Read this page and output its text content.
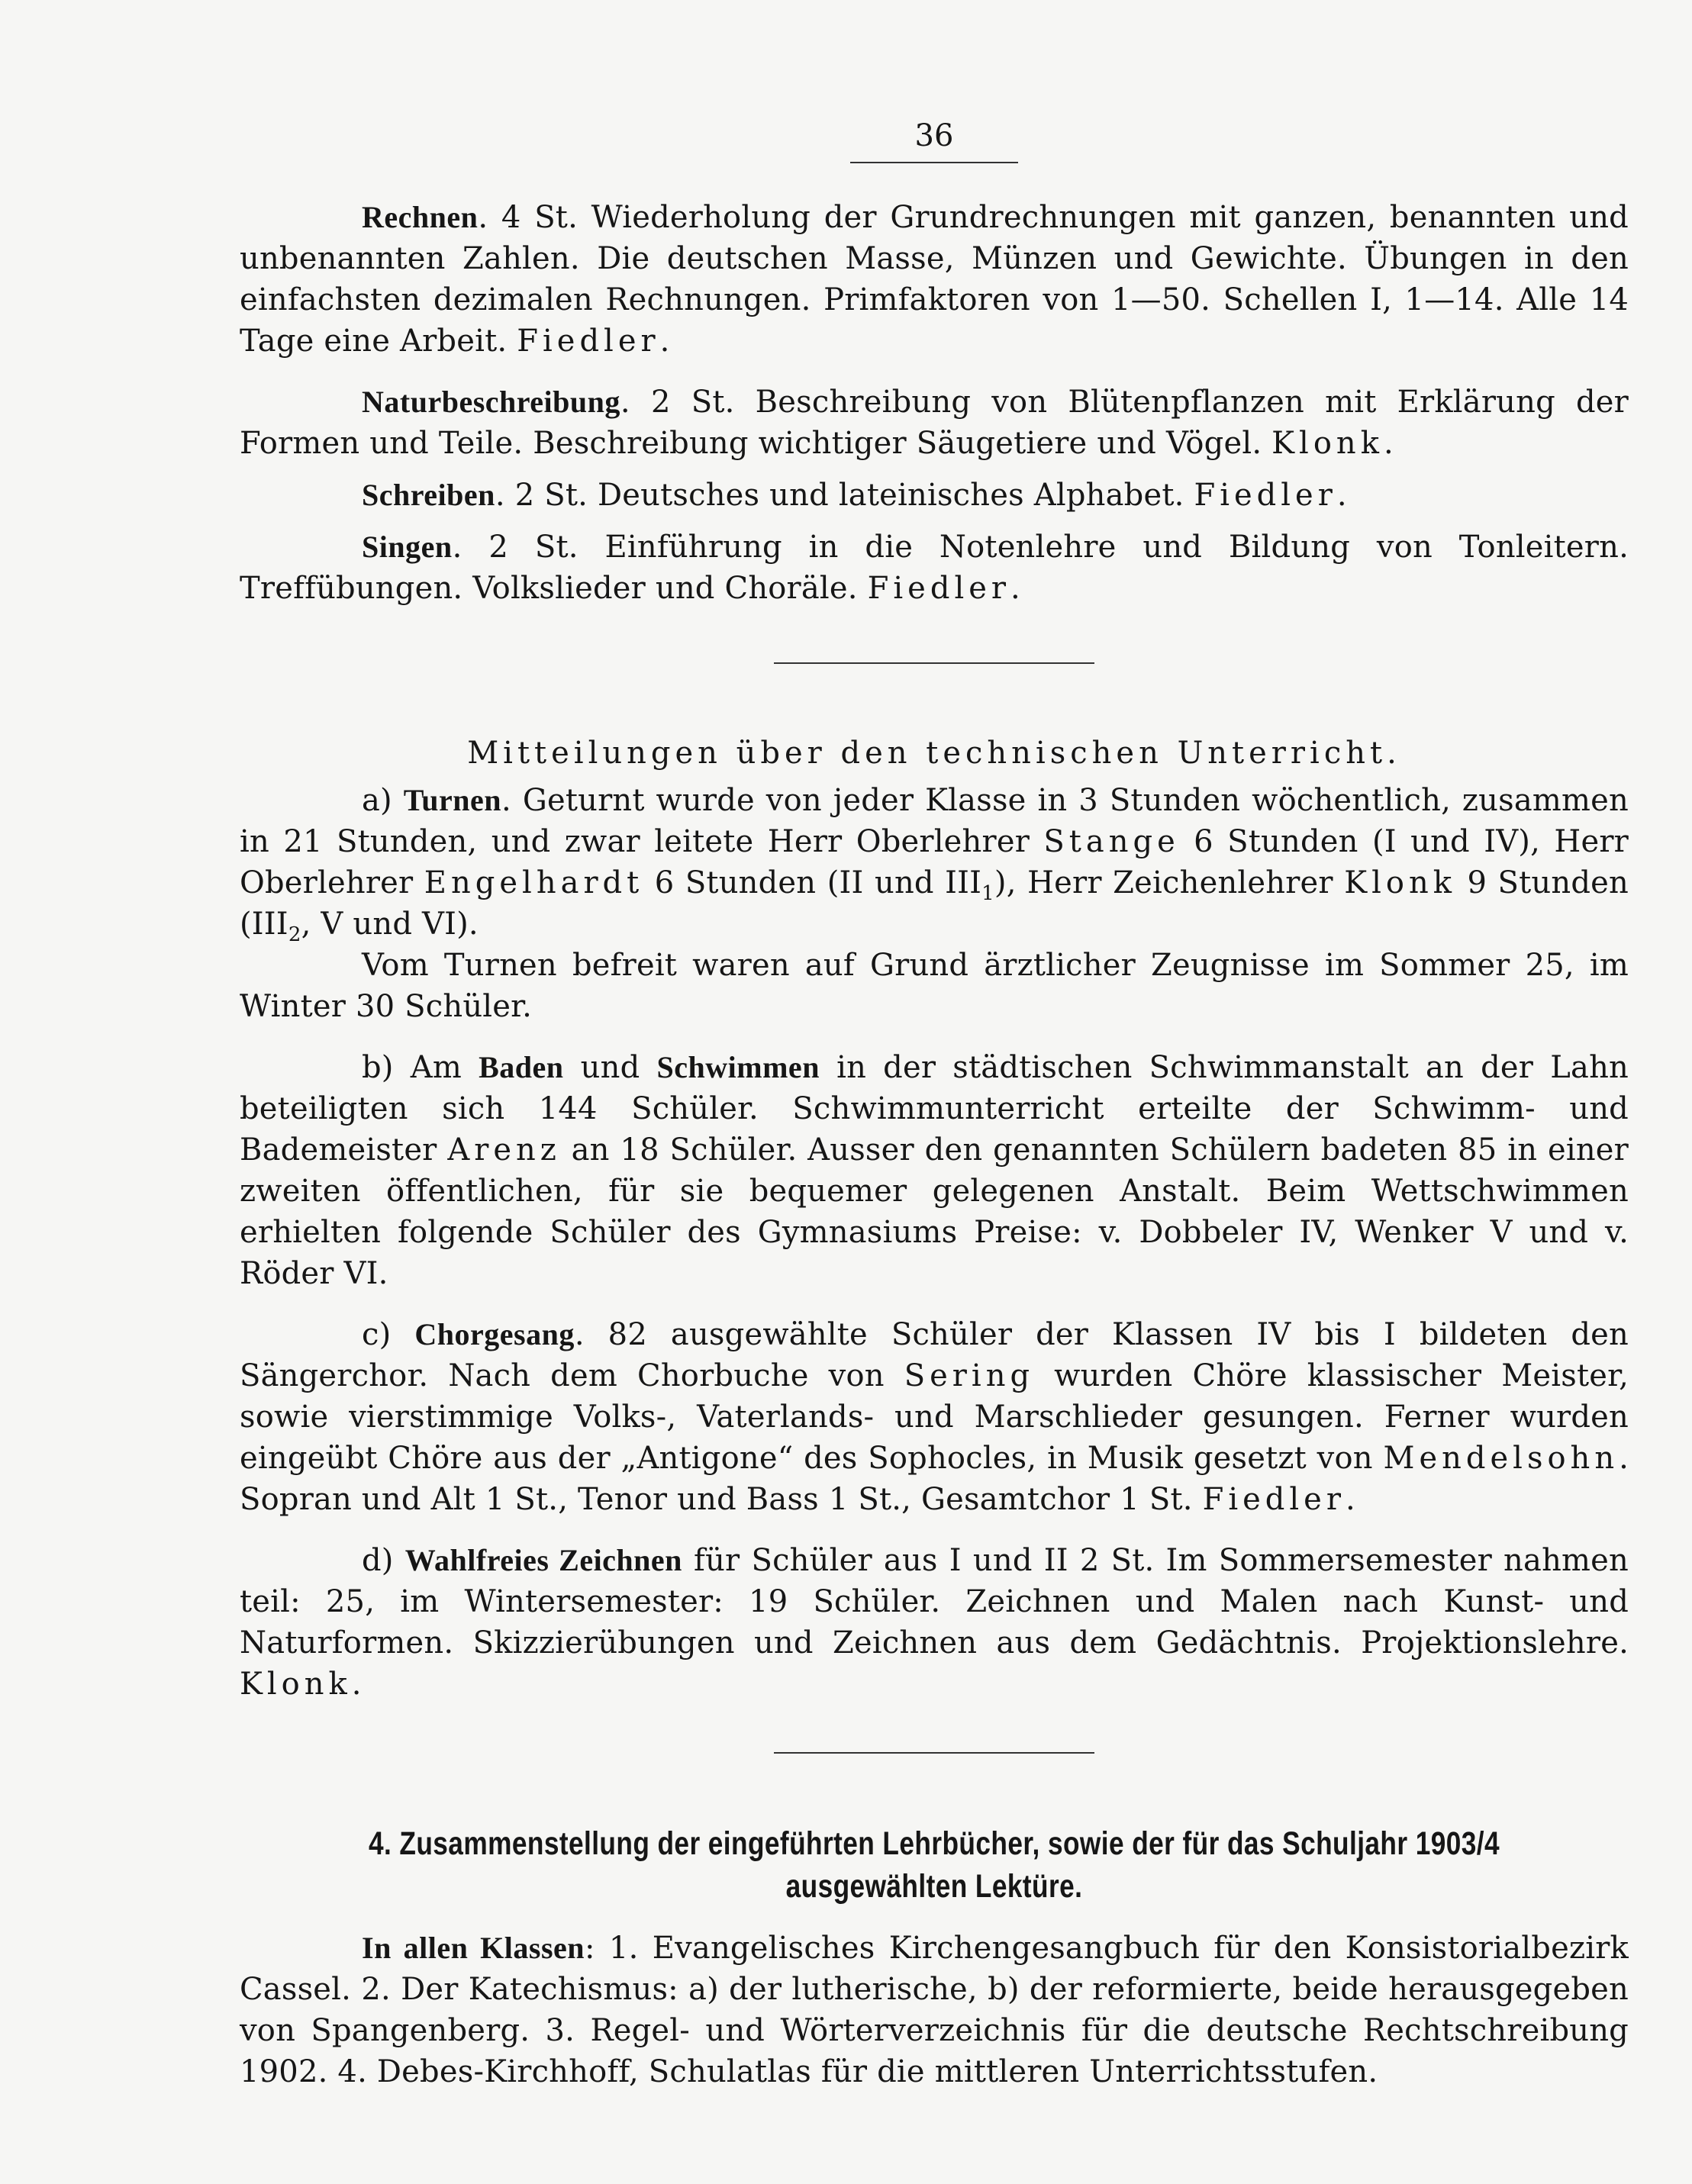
36

Rechnen. 4 St. Wiederholung der Grundrechnungen mit ganzen, benannten und unbenannten Zahlen. Die deutschen Masse, Münzen und Gewichte. Übungen in den einfachsten dezimalen Rechnungen. Primfaktoren von 1—50. Schellen I, 1—14. Alle 14 Tage eine Arbeit. Fiedler.

Naturbeschreibung. 2 St. Beschreibung von Blütenpflanzen mit Erklärung der Formen und Teile. Beschreibung wichtiger Säugetiere und Vögel. Klonk.

Schreiben. 2 St. Deutsches und lateinisches Alphabet. Fiedler.

Singen. 2 St. Einführung in die Notenlehre und Bildung von Tonleitern. Treffübungen. Volkslieder und Choräle. Fiedler.

Mitteilungen über den technischen Unterricht.

a) Turnen. Geturnt wurde von jeder Klasse in 3 Stunden wöchentlich, zusammen in 21 Stunden, und zwar leitete Herr Oberlehrer Stange 6 Stunden (I und IV), Herr Oberlehrer Engelhardt 6 Stunden (II und $III_1$), Herr Zeichenlehrer Klonk 9 Stunden ($III_2$, V und VI).

Vom Turnen befreit waren auf Grund ärztlicher Zeugnisse im Sommer 25, im Winter 30 Schüler.

b) Am Baden und Schwimmen in der städtischen Schwimmanstalt an der Lahn beteiligten sich 144 Schüler. Schwimmunterricht erteilte der Schwimm- und Bademeister Arenz an 18 Schüler. Ausser den genannten Schülern badeten 85 in einer zweiten öffentlichen, für sie bequemer gelegenen Anstalt. Beim Wettschwimmen erhielten folgende Schüler des Gymnasiums Preise: v. Dobbeler IV, Wenker V und v. Röder VI.

c) Chorgesang. 82 ausgewählte Schüler der Klassen IV bis I bildeten den Sängerchor. Nach dem Chorbuche von Sering wurden Chöre klassischer Meister, sowie vierstimmige Volks-, Vaterlands- und Marschlieder gesungen. Ferner wurden eingeübt Chöre aus der „Antigone“ des Sophocles, in Musik gesetzt von Mendelsohn. Sopran und Alt 1 St., Tenor und Bass 1 St., Gesamtchor 1 St. Fiedler.

d) Wahlfreies Zeichnen für Schüler aus I und II 2 St. Im Sommersemester nahmen teil: 25, im Wintersemester: 19 Schüler. Zeichnen und Malen nach Kunst- und Naturformen. Skizzierübungen und Zeichnen aus dem Gedächtnis. Projektionslehre. Klonk.

4. Zusammenstellung der eingeführten Lehrbücher, sowie der für das Schuljahr 1903/4
ausgewählten Lektüre.

In allen Klassen: 1. Evangelisches Kirchengesangbuch für den Konsistorialbezirk Cassel. 2. Der Katechismus: a) der lutherische, b) der reformierte, beide herausgegeben von Spangenberg. 3. Regel- und Wörterverzeichnis für die deutsche Rechtschreibung 1902. 4. Debes-Kirchhoff, Schulatlas für die mittleren Unterrichtsstufen.
